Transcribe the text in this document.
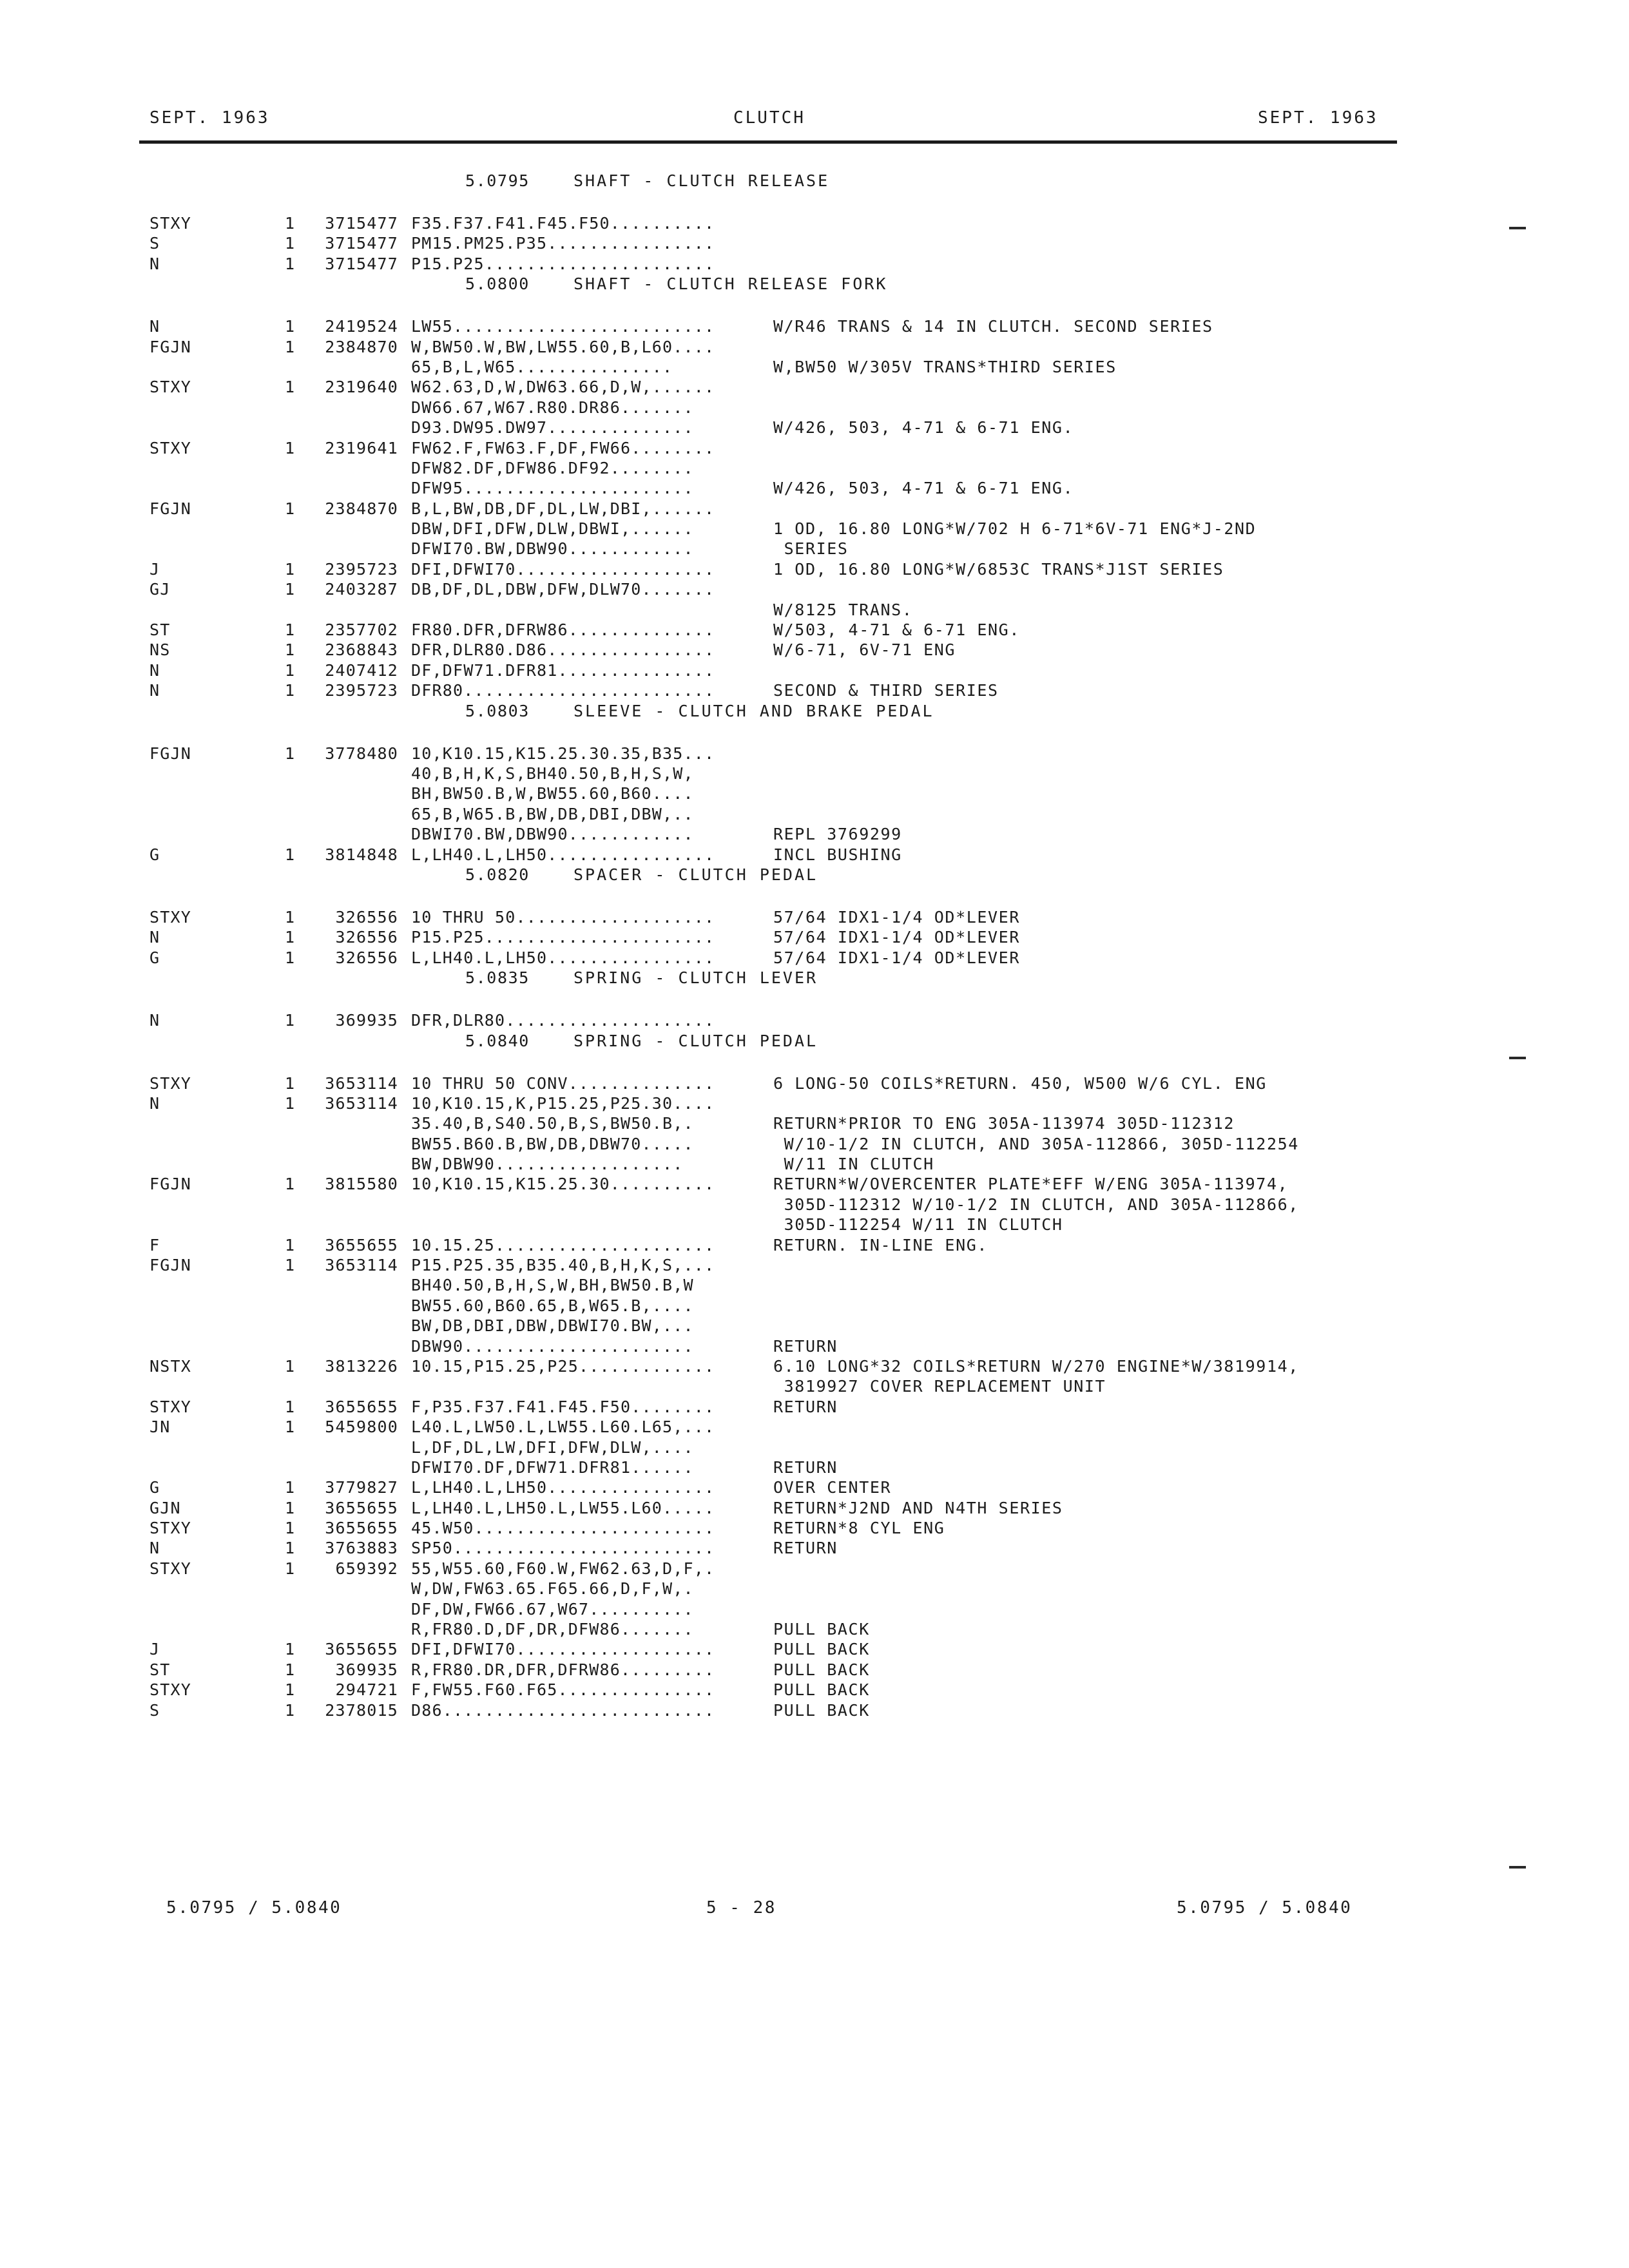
SEPT. 1963	CLUTCH	SEPT. 1963
5.0795	SHAFT - CLUTCH RELEASE
STXY	1	3715477 F35.F37.F41.F45.F50..........
S	1	3715477 PM15.PM25.P35................
N	1	3715477 P15.P25......................
5.0800	SHAFT - CLUTCH RELEASE FORK
N	1	2419524 LW55.........................	W/R46 TRANS & 14 IN CLUTCH. SECOND SERIES
FGJN	1	2384870 W,BW50.W,BW,LW55.60,B,L60....
65,B,L,W65...............	W,BW50 W/305V TRANS*THIRD SERIES
STXY	1	2319640 W62.63,D,W,DW63.66,D,W,......
DW66.67,W67.R80.DR86.......
D93.DW95.DW97..............	W/426, 503, 4-71 & 6-71 ENG.
STXY	1	2319641 FW62.F,FW63.F,DF,FW66........
DFW82.DF,DFW86.DF92........
DFW95......................	W/426, 503, 4-71 & 6-71 ENG.
FGJN	1	2384870 B,L,BW,DB,DF,DL,LW,DBI,......
DBW,DFI,DFW,DLW,DBWI,......	1 OD, 16.80 LONG*W/702 H 6-71*6V-71 ENG*J-2ND
DFWI70.BW,DBW90............	SERIES
J	1	2395723 DFI,DFWI70...................	1 OD, 16.80 LONG*W/6853C TRANS*J1ST SERIES
GJ	1	2403287 DB,DF,DL,DBW,DFW,DLW70.......
W/8125 TRANS.
ST	1	2357702 FR80.DFR,DFRW86..............	W/503, 4-71 & 6-71 ENG.
NS	1	2368843 DFR,DLR80.D86................	W/6-71, 6V-71 ENG
N	1	2407412 DF,DFW71.DFR81...............
N	1	2395723 DFR80........................	SECOND & THIRD SERIES
5.0803	SLEEVE - CLUTCH AND BRAKE PEDAL
FGJN	1	3778480 10,K10.15,K15.25.30.35,B35...
40,B,H,K,S,BH40.50,B,H,S,W,
BH,BW50.B,W,BW55.60,B60....
65,B,W65.B,BW,DB,DBI,DBW,..
DBWI70.BW,DBW90............	REPL 3769299
G	1	3814848 L,LH40.L,LH50................	INCL BUSHING
5.0820	SPACER - CLUTCH PEDAL
STXY	1	326556 10 THRU 50...................	57/64 IDX1-1/4 OD*LEVER
N	1	326556 P15.P25......................	57/64 IDX1-1/4 OD*LEVER
G	1	326556 L,LH40.L,LH50................	57/64 IDX1-1/4 OD*LEVER
5.0835	SPRING - CLUTCH LEVER
N	1	369935 DFR,DLR80....................
5.0840	SPRING - CLUTCH PEDAL
STXY	1	3653114 10 THRU 50 CONV..............	6 LONG-50 COILS*RETURN. 450, W500 W/6 CYL. ENG
N	1	3653114 10,K10.15,K,P15.25,P25.30....
35.40,B,S40.50,B,S,BW50.B,.	RETURN*PRIOR TO ENG 305A-113974 305D-112312
BW55.B60.B,BW,DB,DBW70.....	W/10-1/2 IN CLUTCH, AND 305A-112866, 305D-112254
BW,DBW90..................	W/11 IN CLUTCH
FGJN	1	3815580 10,K10.15,K15.25.30..........	RETURN*W/OVERCENTER PLATE*EFF W/ENG 305A-113974,
305D-112312 W/10-1/2 IN CLUTCH, AND 305A-112866,
305D-112254 W/11 IN CLUTCH
F	1	3655655 10.15.25.....................	RETURN. IN-LINE ENG.
FGJN	1	3653114 P15.P25.35,B35.40,B,H,K,S,...
BH40.50,B,H,S,W,BH,BW50.B,W
BW55.60,B60.65,B,W65.B,....
BW,DB,DBI,DBW,DBWI70.BW,...
DBW90......................	RETURN
NSTX	1	3813226 10.15,P15.25,P25.............	6.10 LONG*32 COILS*RETURN W/270 ENGINE*W/3819914,
3819927 COVER REPLACEMENT UNIT
STXY	1	3655655 F,P35.F37.F41.F45.F50........	RETURN
JN	1	5459800 L40.L,LW50.L,LW55.L60.L65,...
L,DF,DL,LW,DFI,DFW,DLW,....
DFWI70.DF,DFW71.DFR81......	RETURN
G	1	3779827 L,LH40.L,LH50................	OVER CENTER
GJN	1	3655655 L,LH40.L,LH50.L,LW55.L60.....	RETURN*J2ND AND N4TH SERIES
STXY	1	3655655 45.W50.......................	RETURN*8 CYL ENG
N	1	3763883 SP50.........................	RETURN
STXY	1	659392 55,W55.60,F60.W,FW62.63,D,F,.
W,DW,FW63.65.F65.66,D,F,W,.
DF,DW,FW66.67,W67..........
R,FR80.D,DF,DR,DFW86.......	PULL BACK
J	1	3655655 DFI,DFWI70...................	PULL BACK
ST	1	369935 R,FR80.DR,DFR,DFRW86.........	PULL BACK
STXY	1	294721 F,FW55.F60.F65...............	PULL BACK
S	1	2378015 D86..........................	PULL BACK
5.0795 / 5.0840	5 - 28	5.0795 / 5.0840
